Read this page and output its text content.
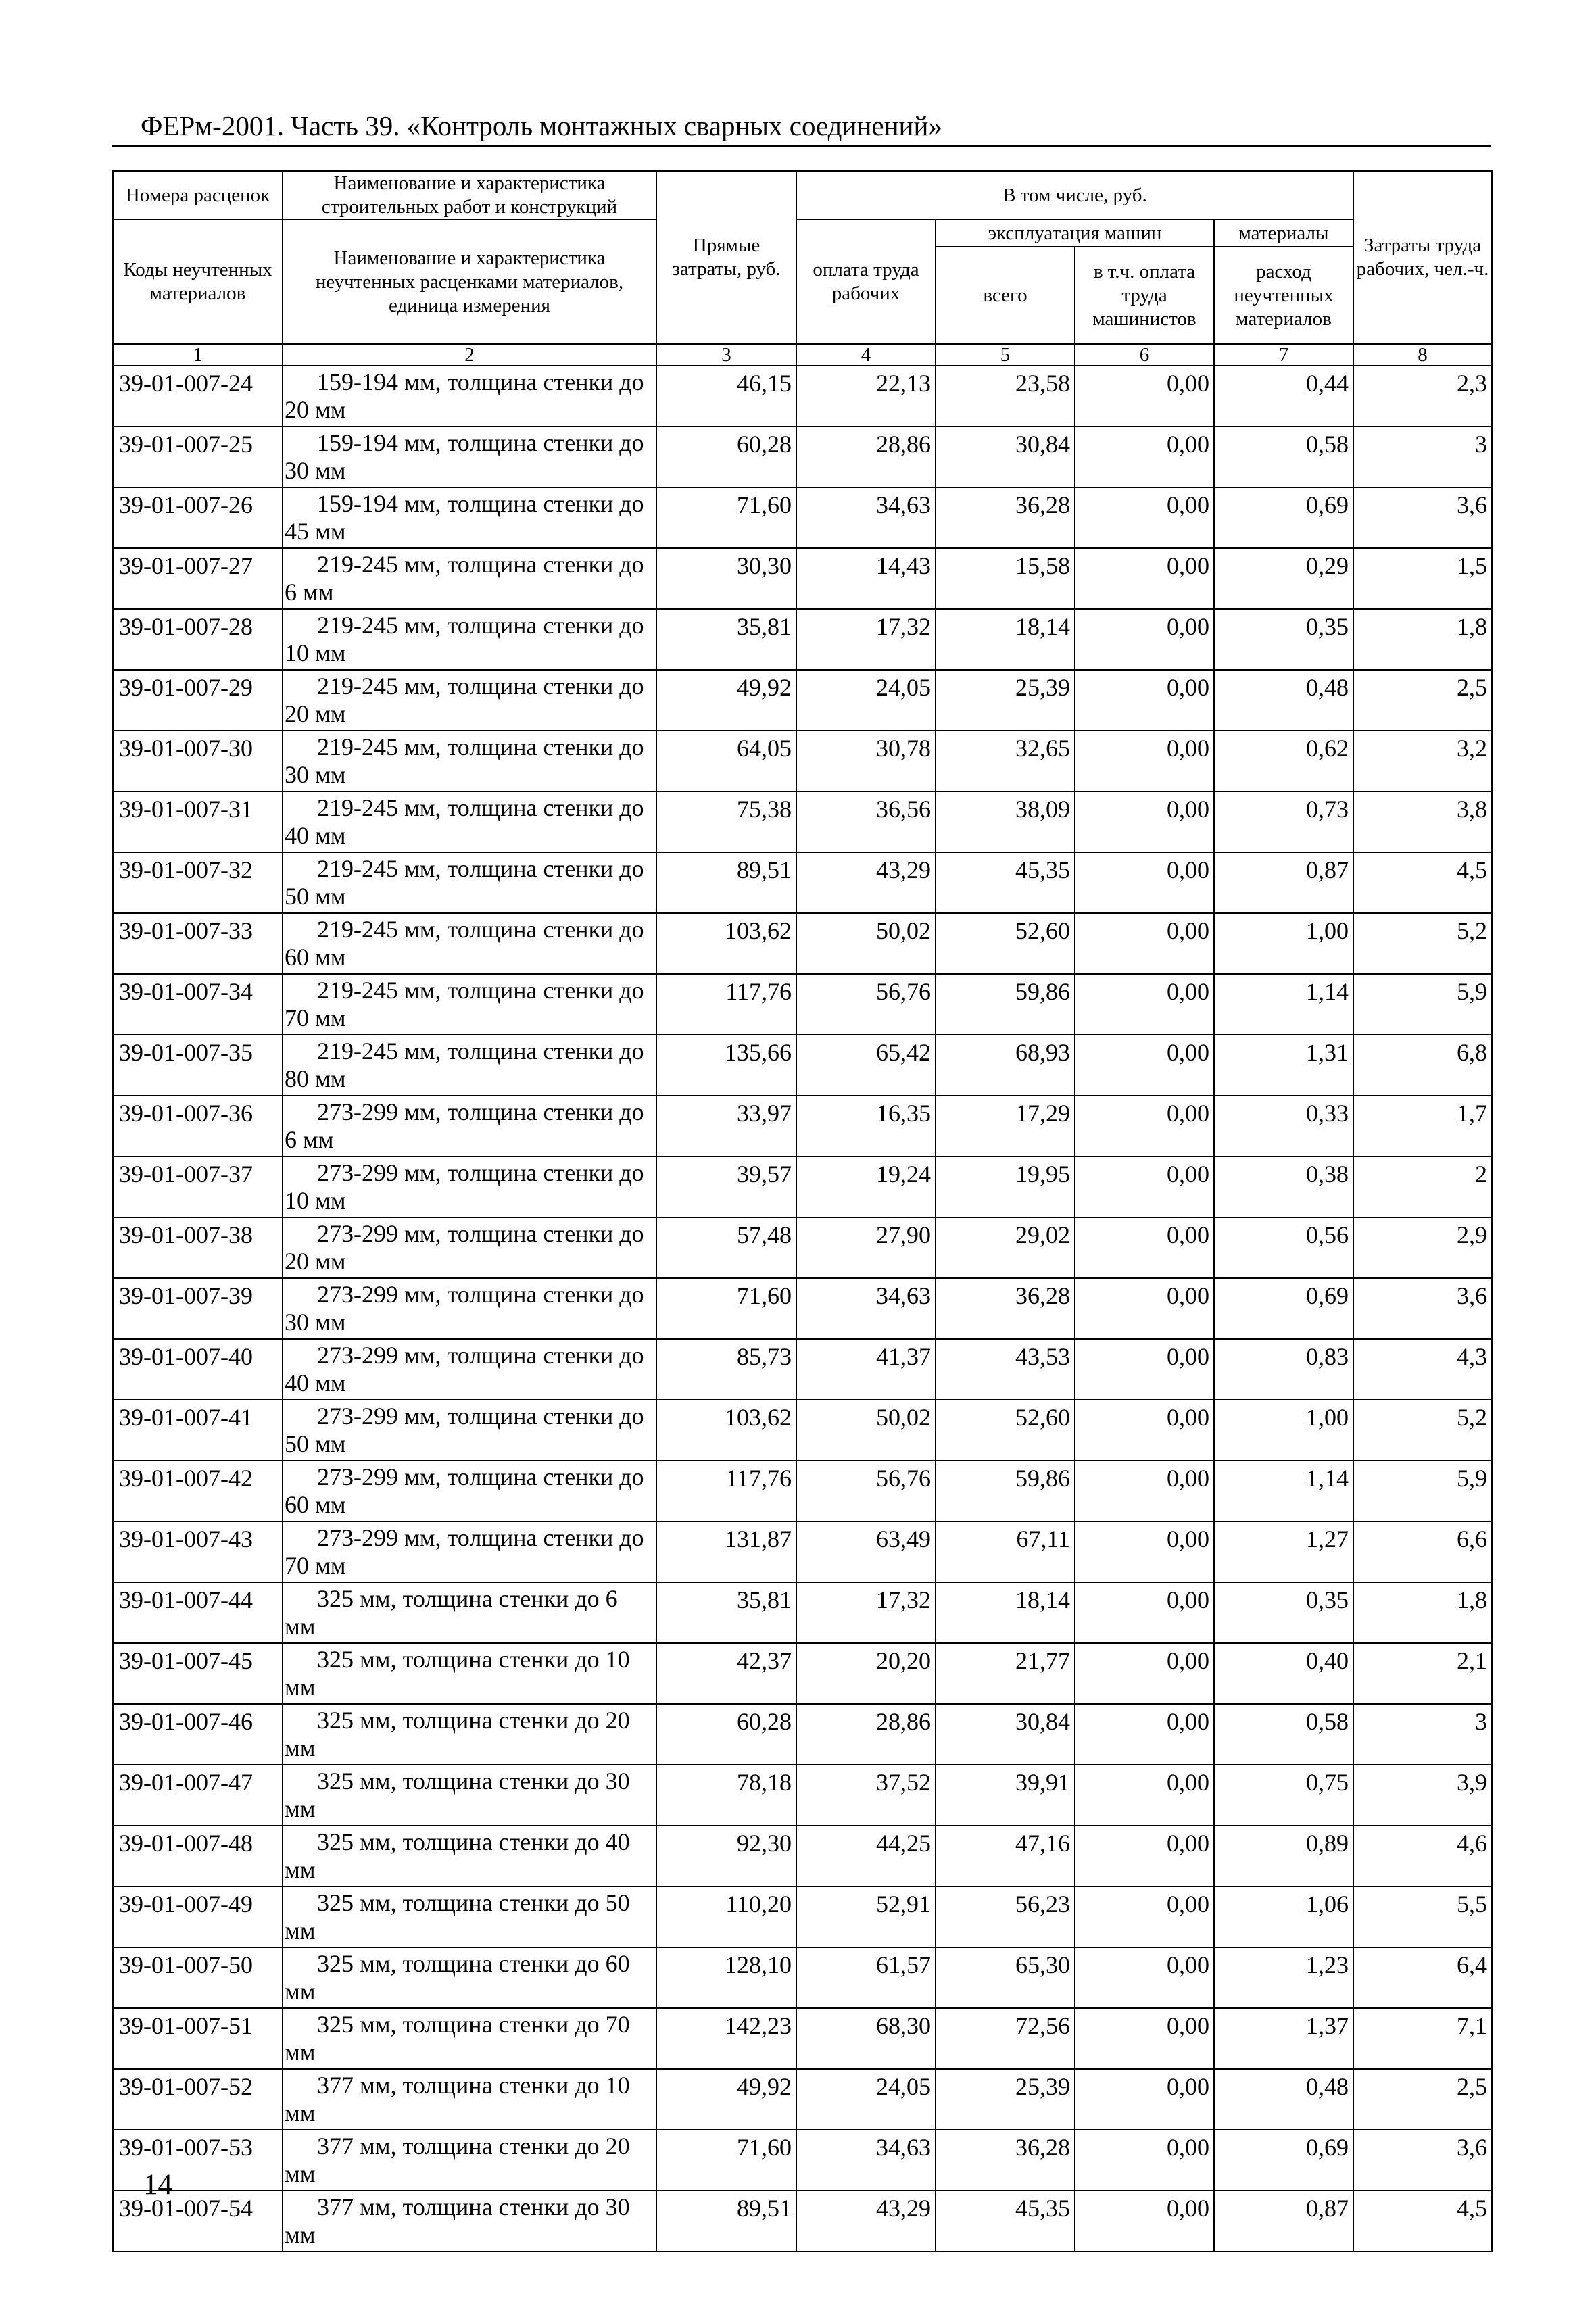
ФЕРм-2001. Часть 39. «Контроль монтажных сварных соединений»
Номера расценок	Наименование и характеристика строительных работ и конструкций	Прямые затраты, руб.	В том числе, руб.				Затраты труда рабочих, чел.-ч.
Коды неучтенных материалов	Наименование и характеристика неучтенных расценками материалов, единица измерения		оплата труда рабочих	эксплуатация машин		материалы	
				всего	в т.ч. оплата труда машинистов	расход неучтенных материалов	
1	2	3	4	5	6	7	8
39-01-007-24	159-194 мм, толщина стенки до 20 мм	46,15	22,13	23,58	0,00	0,44	2,3
39-01-007-25	159-194 мм, толщина стенки до 30 мм	60,28	28,86	30,84	0,00	0,58	3
39-01-007-26	159-194 мм, толщина стенки до 45 мм	71,60	34,63	36,28	0,00	0,69	3,6
39-01-007-27	219-245 мм, толщина стенки до 6 мм	30,30	14,43	15,58	0,00	0,29	1,5
39-01-007-28	219-245 мм, толщина стенки до 10 мм	35,81	17,32	18,14	0,00	0,35	1,8
39-01-007-29	219-245 мм, толщина стенки до 20 мм	49,92	24,05	25,39	0,00	0,48	2,5
39-01-007-30	219-245 мм, толщина стенки до 30 мм	64,05	30,78	32,65	0,00	0,62	3,2
39-01-007-31	219-245 мм, толщина стенки до 40 мм	75,38	36,56	38,09	0,00	0,73	3,8
39-01-007-32	219-245 мм, толщина стенки до 50 мм	89,51	43,29	45,35	0,00	0,87	4,5
39-01-007-33	219-245 мм, толщина стенки до 60 мм	103,62	50,02	52,60	0,00	1,00	5,2
39-01-007-34	219-245 мм, толщина стенки до 70 мм	117,76	56,76	59,86	0,00	1,14	5,9
39-01-007-35	219-245 мм, толщина стенки до 80 мм	135,66	65,42	68,93	0,00	1,31	6,8
39-01-007-36	273-299 мм, толщина стенки до 6 мм	33,97	16,35	17,29	0,00	0,33	1,7
39-01-007-37	273-299 мм, толщина стенки до 10 мм	39,57	19,24	19,95	0,00	0,38	2
39-01-007-38	273-299 мм, толщина стенки до 20 мм	57,48	27,90	29,02	0,00	0,56	2,9
39-01-007-39	273-299 мм, толщина стенки до 30 мм	71,60	34,63	36,28	0,00	0,69	3,6
39-01-007-40	273-299 мм, толщина стенки до 40 мм	85,73	41,37	43,53	0,00	0,83	4,3
39-01-007-41	273-299 мм, толщина стенки до 50 мм	103,62	50,02	52,60	0,00	1,00	5,2
39-01-007-42	273-299 мм, толщина стенки до 60 мм	117,76	56,76	59,86	0,00	1,14	5,9
39-01-007-43	273-299 мм, толщина стенки до 70 мм	131,87	63,49	67,11	0,00	1,27	6,6
39-01-007-44	325 мм, толщина стенки до 6 мм	35,81	17,32	18,14	0,00	0,35	1,8
39-01-007-45	325 мм, толщина стенки до 10 мм	42,37	20,20	21,77	0,00	0,40	2,1
39-01-007-46	325 мм, толщина стенки до 20 мм	60,28	28,86	30,84	0,00	0,58	3
39-01-007-47	325 мм, толщина стенки до 30 мм	78,18	37,52	39,91	0,00	0,75	3,9
39-01-007-48	325 мм, толщина стенки до 40 мм	92,30	44,25	47,16	0,00	0,89	4,6
39-01-007-49	325 мм, толщина стенки до 50 мм	110,20	52,91	56,23	0,00	1,06	5,5
39-01-007-50	325 мм, толщина стенки до 60 мм	128,10	61,57	65,30	0,00	1,23	6,4
39-01-007-51	325 мм, толщина стенки до 70 мм	142,23	68,30	72,56	0,00	1,37	7,1
39-01-007-52	377 мм, толщина стенки до 10 мм	49,92	24,05	25,39	0,00	0,48	2,5
39-01-007-53	377 мм, толщина стенки до 20 мм	71,60	34,63	36,28	0,00	0,69	3,6
39-01-007-54	377 мм, толщина стенки до 30 мм	89,51	43,29	45,35	0,00	0,87	4,5
14
